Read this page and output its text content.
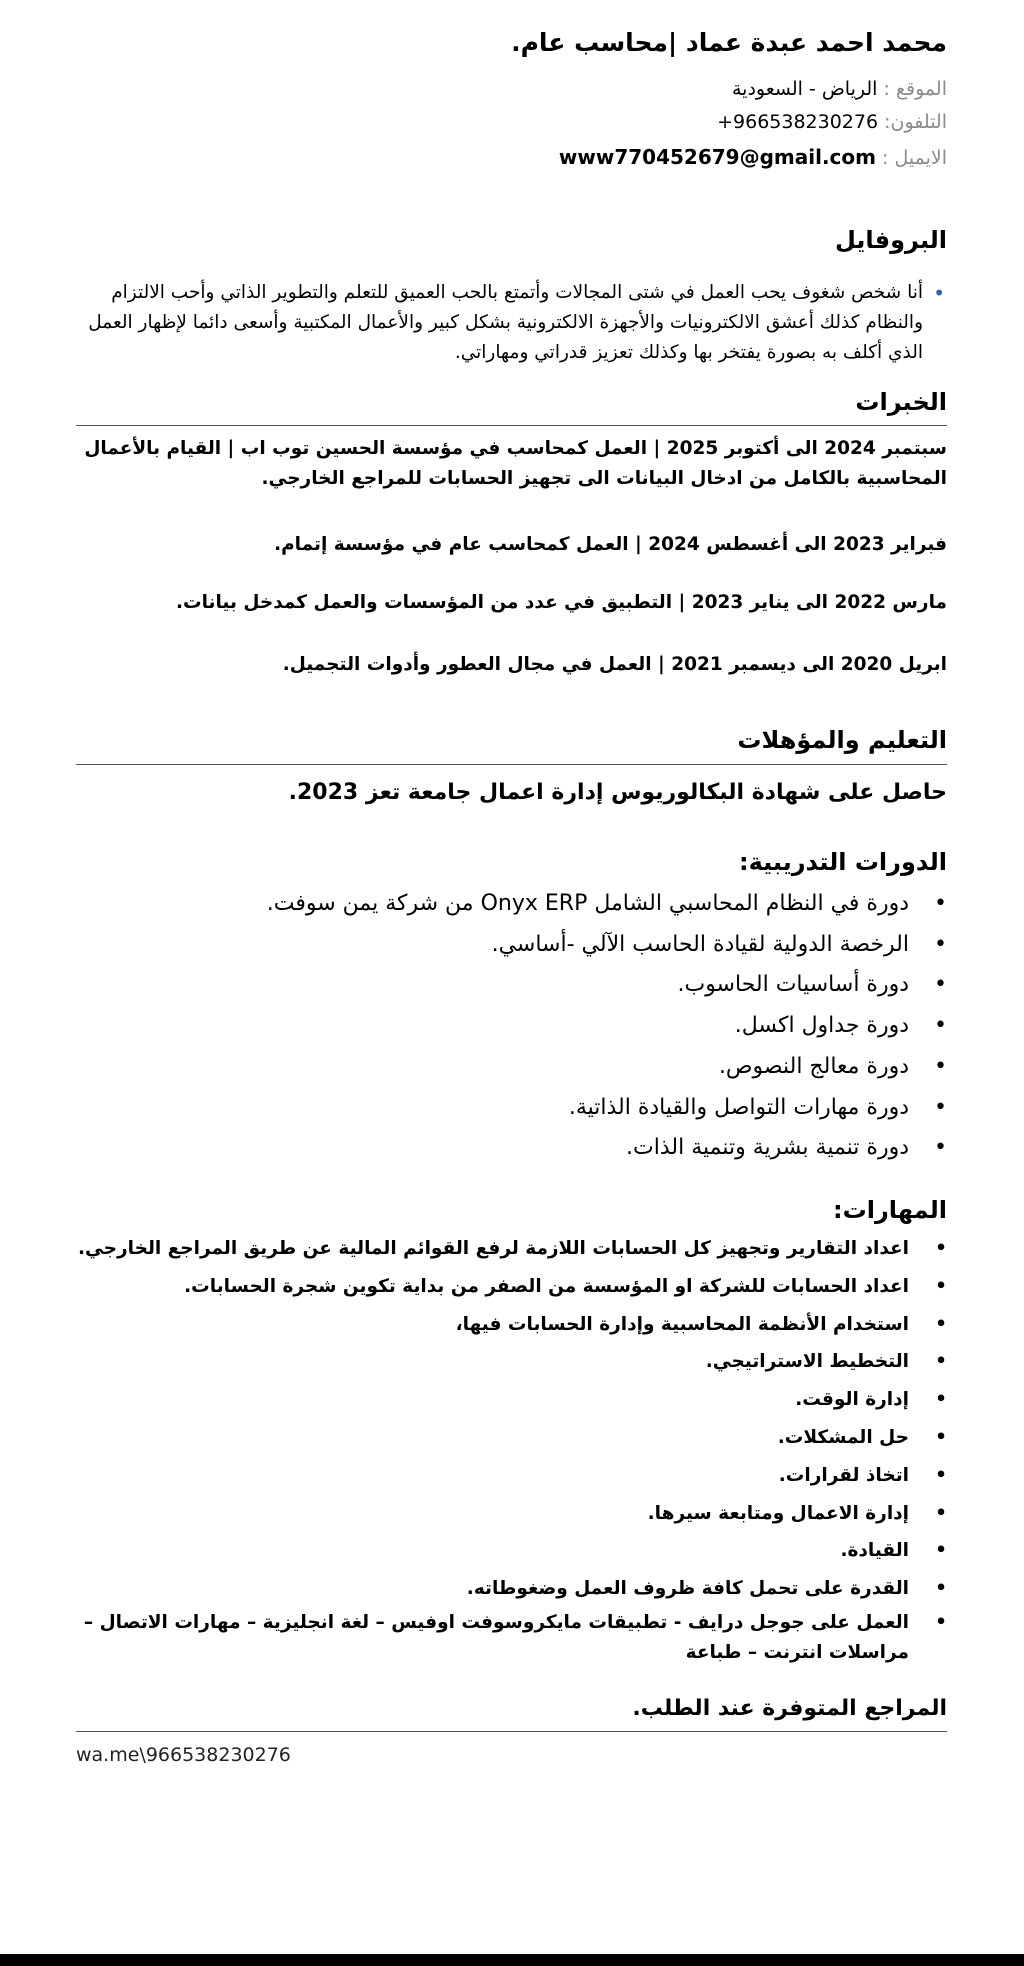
محمد احمد عبدة عماد |محاسب عام.
الموقع : الرياض - السعودية
التلفون: +966538230276
الايميل : www770452679@gmail.com
البروفايل
• أنا شخص شغوف يحب العمل في شتى المجالات وأتمتع بالحب العميق للتعلم والتطوير الذاتي وأحب الالتزام والنظام كذلك أعشق الالكترونيات والأجهزة الالكترونية بشكل كبير والأعمال المكتبية وأسعى دائما لإظهار العمل الذي أكلف به بصورة يفتخر بها وكذلك تعزيز قدراتي ومهاراتي.
الخبرات
سبتمبر 2024 الى أكتوبر 2025 | العمل كمحاسب في مؤسسة الحسين توب اب | القيام بالأعمال المحاسبية بالكامل من ادخال البيانات الى تجهيز الحسابات للمراجع الخارجي.
فبراير 2023 الى أغسطس 2024 | العمل كمحاسب عام في مؤسسة إتمام.
مارس 2022 الى يناير 2023 | التطبيق في عدد من المؤسسات والعمل كمدخل بيانات.
ابريل 2020 الى ديسمبر 2021 | العمل في مجال العطور وأدوات التجميل.
التعليم والمؤهلات
حاصل على شهادة البكالوريوس إدارة اعمال جامعة تعز 2023.
الدورات التدريبية:
• دورة في النظام المحاسبي الشامل Onyx ERP من شركة يمن سوفت.
• الرخصة الدولية لقيادة الحاسب الآلي -أساسي.
• دورة أساسيات الحاسوب.
• دورة جداول اكسل.
• دورة معالج النصوص.
• دورة مهارات التواصل والقيادة الذاتية.
• دورة تنمية بشرية وتنمية الذات.
المهارات:
• اعداد التقارير وتجهيز كل الحسابات اللازمة لرفع القوائم المالية عن طريق المراجع الخارجي.
• اعداد الحسابات للشركة او المؤسسة من الصفر من بداية تكوين شجرة الحسابات.
• استخدام الأنظمة المحاسبية وإدارة الحسابات فيها،
• التخطيط الاستراتيجي.
• إدارة الوقت.
• حل المشكلات.
• اتخاذ لقرارات.
• إدارة الاعمال ومتابعة سيرها.
• القيادة.
• القدرة على تحمل كافة ظروف العمل وضغوطاته.
• العمل على جوجل درايف - تطبيقات مايكروسوفت اوفيس – لغة انجليزية – مهارات الاتصال – مراسلات انترنت – طباعة
المراجع المتوفرة عند الطلب.
wa.me\966538230276
